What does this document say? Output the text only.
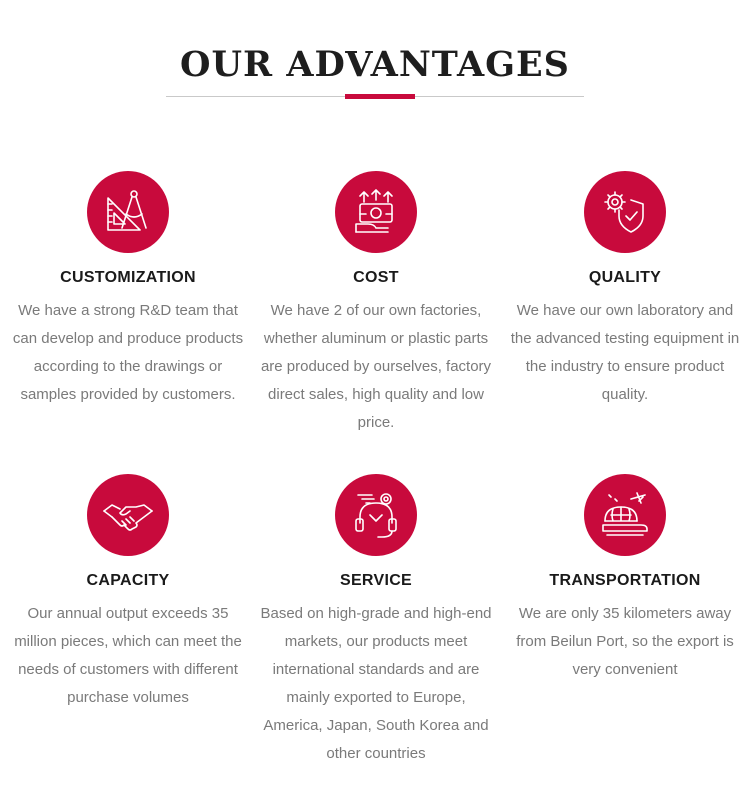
OUR ADVANTAGES
CUSTOMIZATION

We have a strong R&D team that can develop and produce products according to the drawings or samples provided by customers.

COST

We have 2 of our own factories, whether aluminum or plastic parts are produced by ourselves, factory direct sales, high quality and low price.

QUALITY

We have our own laboratory and the advanced testing equipment in the industry to ensure product quality.

CAPACITY

Our annual output exceeds 35 million pieces, which can meet the needs of customers with different purchase volumes

SERVICE

Based on high-grade and high-end markets, our products meet international standards and are mainly exported to Europe, America, Japan, South Korea and other countries

TRANSPORTATION

We are only 35 kilometers away from Beilun Port, so the export is very convenient
